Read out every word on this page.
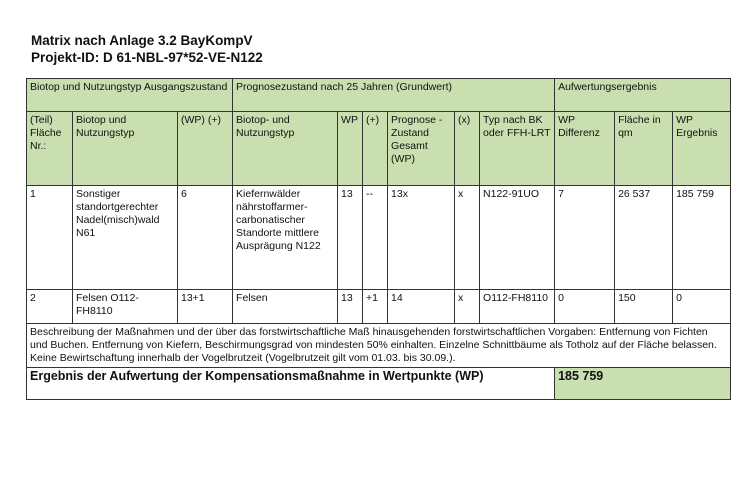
Matrix nach Anlage 3.2 BayKompV
Projekt-ID: D 61-NBL-97*52-VE-N122
Biotop und Nutzungstyp Ausgangszustand			Prognosezustand nach 25 Jahren (Grundwert)						Aufwertungsergebnis		
(Teil) Fläche Nr.:	Biotop und Nutzungstyp	(WP) (+)	Biotop- und Nutzungstyp	WP	(+)	Prognose - Zustand Gesamt (WP)	(x)	Typ nach BK oder FFH-LRT	WP Differenz	Fläche in qm	WP Ergebnis
1	Sonstiger standortgerechter Nadel(misch)wald N61	6	Kiefernwälder nährstoffarmer-carbonatischer Standorte mittlere Ausprägung N122	13	--	13x	x	N122-91UO	7	26 537	185 759
2	Felsen O112-FH8110	13+1	Felsen	13	+1	14	x	O112-FH8110	0	150	0
Beschreibung der Maßnahmen und der über das forstwirtschaftliche Maß hinausgehenden forstwirtschaftlichen Vorgaben: Entfernung von Fichten und Buchen. Entfernung von Kiefern, Beschirmungsgrad von mindesten 50% einhalten. Einzelne Schnittbäume als Totholz auf der Fläche belassen. Keine Bewirtschaftung innerhalb der Vogelbrutzeit (Vogelbrutzeit gilt vom 01.03. bis 30.09.).											
Ergebnis der Aufwertung der Kompensationsmaßnahme in Wertpunkte (WP)									185 759		
